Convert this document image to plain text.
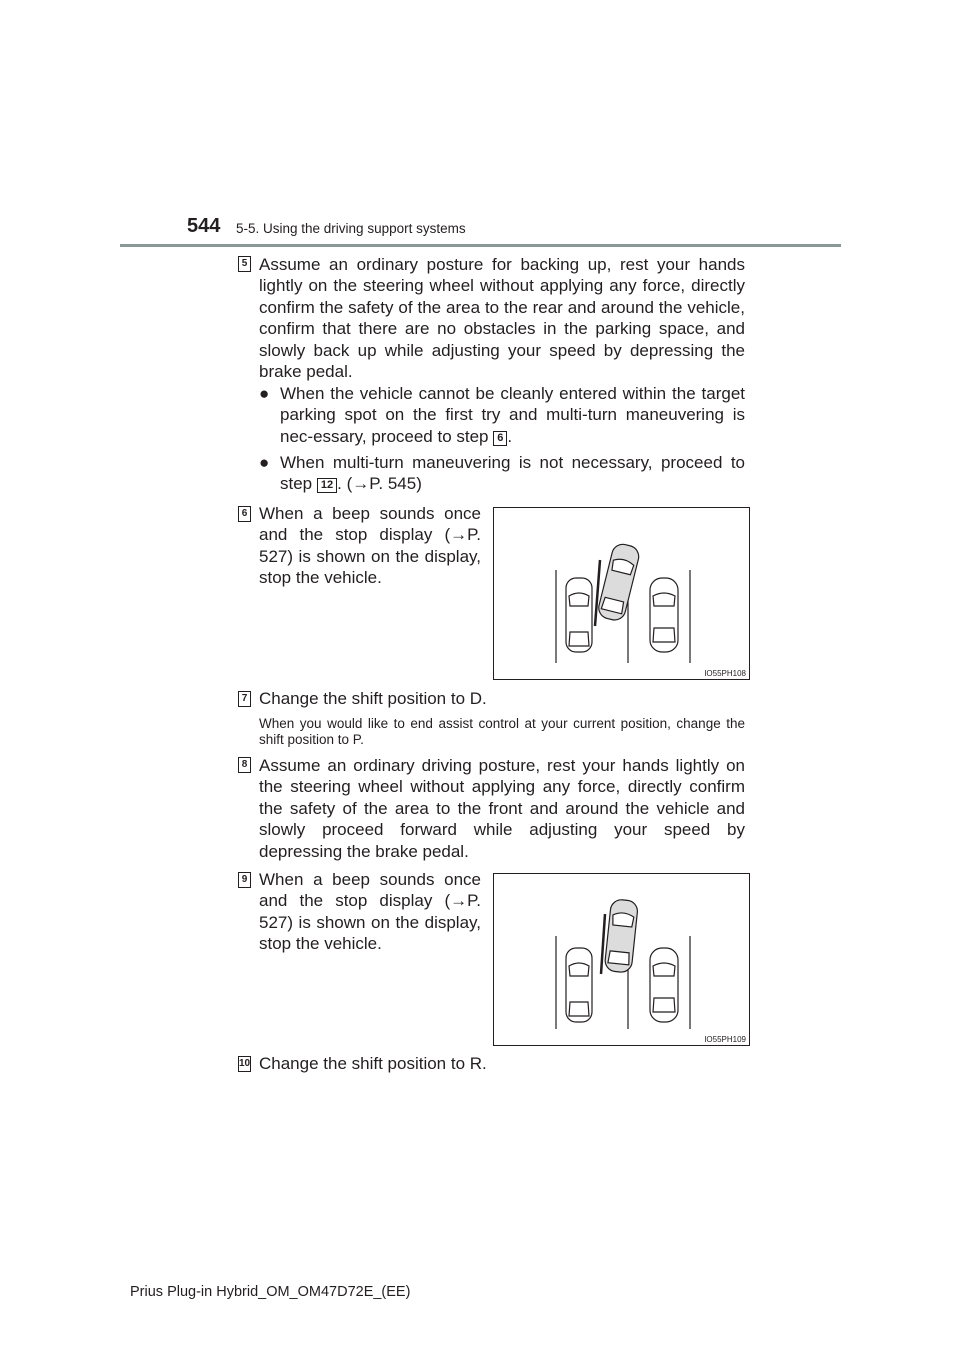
544 5-5. Using the driving support systems
5 Assume an ordinary posture for backing up, rest your hands lightly on the steering wheel without applying any force, directly confirm the safety of the area to the rear and around the vehicle, confirm that there are no obstacles in the parking space, and slowly back up while adjusting your speed by depressing the brake pedal.
● When the vehicle cannot be cleanly entered within the target parking spot on the first try and multi-turn maneuvering is nec-essary, proceed to step 6 .
● When multi-turn maneuvering is not necessary, proceed to step 12 . (→P. 545)
6 When a beep sounds once and the stop display (→P. 527) is shown on the display, stop the vehicle.
IO55PH108
7 Change the shift position to D.
When you would like to end assist control at your current position, change the shift position to P.
8 Assume an ordinary driving posture, rest your hands lightly on the steering wheel without applying any force, directly confirm the safety of the area to the front and around the vehicle and slowly proceed forward while adjusting your speed by depressing the brake pedal.
9 When a beep sounds once and the stop display (→P. 527) is shown on the display, stop the vehicle.
IO55PH109
10 Change the shift position to R.
Prius Plug-in Hybrid_OM_OM47D72E_(EE)
